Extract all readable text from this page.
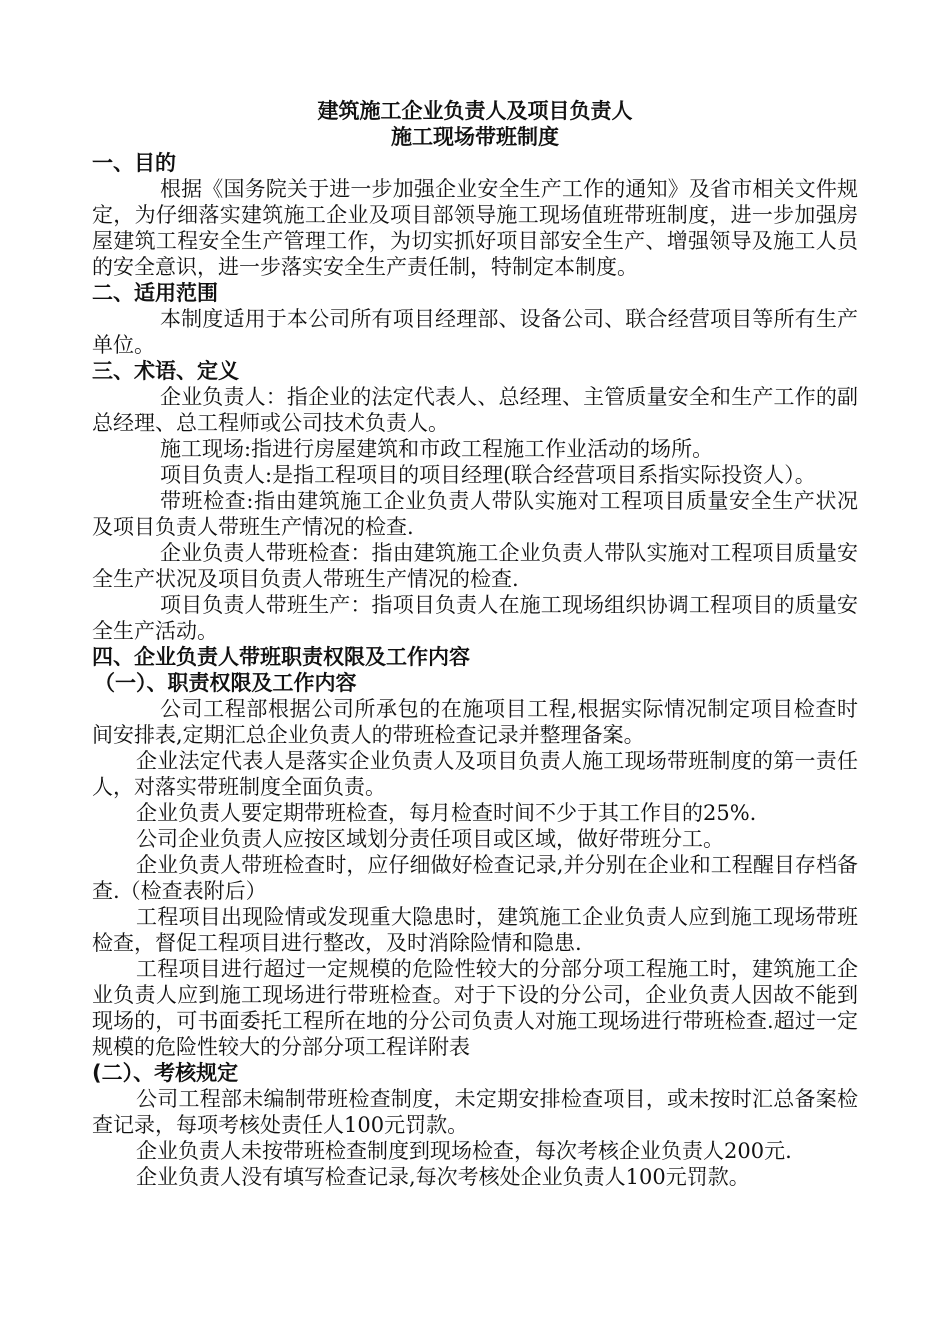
建筑施工企业负责人及项目负责人
施工现场带班制度
一、目的

根据《国务院关于进一步加强企业安全生产工作的通知》及省市相关文件规定，为仔细落实建筑施工企业及项目部领导施工现场值班带班制度，进一步加强房屋建筑工程安全生产管理工作，为切实抓好项目部安全生产、增强领导及施工人员的安全意识，进一步落实安全生产责任制，特制定本制度。

二、适用范围

本制度适用于本公司所有项目经理部、设备公司、联合经营项目等所有生产单位。

三、术语、定义

企业负责人：指企业的法定代表人、总经理、主管质量安全和生产工作的副总经理、总工程师或公司技术负责人。

施工现场:指进行房屋建筑和市政工程施工作业活动的场所。

项目负责人:是指工程项目的项目经理(联合经营项目系指实际投资人）。

带班检查:指由建筑施工企业负责人带队实施对工程项目质量安全生产状况及项目负责人带班生产情况的检查.

企业负责人带班检查：指由建筑施工企业负责人带队实施对工程项目质量安全生产状况及项目负责人带班生产情况的检查.

项目负责人带班生产：指项目负责人在施工现场组织协调工程项目的质量安全生产活动。

四、企业负责人带班职责权限及工作内容
（一）、职责权限及工作内容

公司工程部根据公司所承包的在施项目工程,根据实际情况制定项目检查时间安排表,定期汇总企业负责人的带班检查记录并整理备案。

企业法定代表人是落实企业负责人及项目负责人施工现场带班制度的第一责任人，对落实带班制度全面负责。

企业负责人要定期带班检查，每月检查时间不少于其工作目的25%.

公司企业负责人应按区域划分责任项目或区域，做好带班分工。

企业负责人带班检查时，应仔细做好检查记录,并分别在企业和工程醒目存档备查.（检查表附后）

工程项目出现险情或发现重大隐患时，建筑施工企业负责人应到施工现场带班检查，督促工程项目进行整改，及时消除险情和隐患.

工程项目进行超过一定规模的危险性较大的分部分项工程施工时，建筑施工企业负责人应到施工现场进行带班检查。对于下设的分公司，企业负责人因故不能到现场的，可书面委托工程所在地的分公司负责人对施工现场进行带班检查.超过一定规模的危险性较大的分部分项工程详附表

(二）、考核规定

公司工程部未编制带班检查制度，未定期安排检查项目，或未按时汇总备案检查记录，每项考核处责任人100元罚款。

企业负责人未按带班检查制度到现场检查，每次考核企业负责人200元.

企业负责人没有填写检查记录,每次考核处企业负责人100元罚款。
